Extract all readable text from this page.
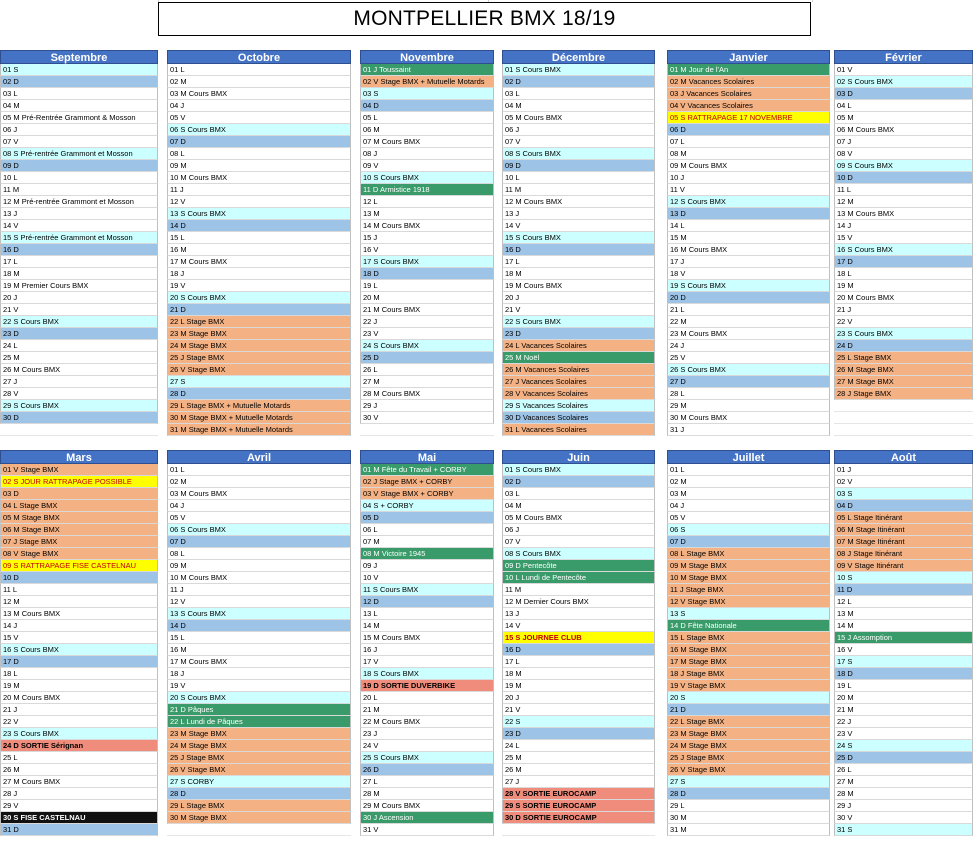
MONTPELLIER BMX 18/19
Septembre
01 S
02 D
03 L
04 M
05 M Pré-Rentrée Grammont & Mosson
06 J
07 V
08 S Pré-rentrée Grammont et Mosson
09 D
10 L
11 M
12 M Pré-rentrée Grammont et Mosson
13 J
14 V
15 S Pré-rentrée Grammont et Mosson
16 D
17 L
18 M
19 M Premier Cours BMX
20 J
21 V
22 S Cours BMX
23 D
24 L
25 M
26 M Cours BMX
27 J
28 V
29 S Cours BMX
30 D
Octobre
01 L
02 M
03 M Cours BMX
04 J
05 V
06 S Cours BMX
07 D
08 L
09 M
10 M Cours BMX
11 J
12 V
13 S Cours BMX
14 D
15 L
16 M
17 M Cours BMX
18 J
19 V
20 S Cours BMX
21 D
22 L Stage BMX
23 M Stage BMX
24 M Stage BMX
25 J Stage BMX
26 V Stage BMX
27 S
28 D
29 L Stage BMX + Mutuelle Motards
30 M Stage BMX + Mutuelle Motards
31 M Stage BMX + Mutuelle Motards
Novembre
01 J Toussaint
02 V Stage BMX + Mutuelle Motards
03 S
04 D
05 L
06 M
07 M Cours BMX
08 J
09 V
10 S Cours BMX
11 D Armistice 1918
12 L
13 M
14 M Cours BMX
15 J
16 V
17 S Cours BMX
18 D
19 L
20 M
21 M Cours BMX
22 J
23 V
24 S Cours BMX
25 D
26 L
27 M
28 M Cours BMX
29 J
30 V
Décembre
01 S Cours BMX
02 D
03 L
04 M
05 M Cours BMX
06 J
07 V
08 S Cours BMX
09 D
10 L
11 M
12 M Cours BMX
13 J
14 V
15 S Cours BMX
16 D
17 L
18 M
19 M Cours BMX
20 J
21 V
22 S Cours BMX
23 D
24 L Vacances Scolaires
25 M Noël
26 M Vacances Scolaires
27 J Vacances Scolaires
28 V Vacances Scolaires
29 S Vacances Scolaires
30 D Vacances Scolaires
31 L Vacances Scolaires
Janvier
01 M Jour de l'An
02 M Vacances Scolaires
03 J Vacances Scolaires
04 V Vacances Scolaires
05 S RATTRAPAGE 17 NOVEMBRE
06 D
07 L
08 M
09 M Cours BMX
10 J
11 V
12 S Cours BMX
13 D
14 L
15 M
16 M Cours BMX
17 J
18 V
19 S Cours BMX
20 D
21 L
22 M
23 M Cours BMX
24 J
25 V
26 S Cours BMX
27 D
28 L
29 M
30 M Cours BMX
31 J
Février
01 V
02 S Cours BMX
03 D
04 L
05 M
06 M Cours BMX
07 J
08 V
09 S Cours BMX
10 D
11 L
12 M
13 M Cours BMX
14 J
15 V
16 S Cours BMX
17 D
18 L
19 M
20 M Cours BMX
21 J
22 V
23 S Cours BMX
24 D
25 L Stage BMX
26 M Stage BMX
27 M Stage BMX
28 J Stage BMX
Mars
01 V Stage BMX
02 S JOUR RATTRAPAGE POSSIBLE
03 D
04 L Stage BMX
05 M Stage BMX
06 M Stage BMX
07 J Stage BMX
08 V Stage BMX
09 S RATTRAPAGE FISE CASTELNAU
10 D
11 L
12 M
13 M Cours BMX
14 J
15 V
16 S Cours BMX
17 D
18 L
19 M
20 M Cours BMX
21 J
22 V
23 S Cours BMX
24 D SORTIE Sérignan
25 L
26 M
27 M Cours BMX
28 J
29 V
30 S FISE CASTELNAU
31 D
Avril
01 L
02 M
03 M Cours BMX
04 J
05 V
06 S Cours BMX
07 D
08 L
09 M
10 M Cours BMX
11 J
12 V
13 S Cours BMX
14 D
15 L
16 M
17 M Cours BMX
18 J
19 V
20 S Cours BMX
21 D Pâques
22 L Lundi de Pâques
23 M Stage BMX
24 M Stage BMX
25 J Stage BMX
26 V Stage BMX
27 S CORBY
28 D
29 L Stage BMX
30 M Stage BMX
Mai
01 M Fête du Travail + CORBY
02 J Stage BMX + CORBY
03 V Stage BMX + CORBY
04 S + CORBY
05 D
06 L
07 M
08 M Victoire 1945
09 J
10 V
11 S Cours BMX
12 D
13 L
14 M
15 M Cours BMX
16 J
17 V
18 S Cours BMX
19 D SORTIE DUVERBIKE
20 L
21 M
22 M Cours BMX
23 J
24 V
25 S Cours BMX
26 D
27 L
28 M
29 M Cours BMX
30 J Ascension
31 V
Juin
01 S Cours BMX
02 D
03 L
04 M
05 M Cours BMX
06 J
07 V
08 S Cours BMX
09 D Pentecôte
10 L Lundi de Pentecôte
11 M
12 M Dernier Cours BMX
13 J
14 V
15 S JOURNEE CLUB
16 D
17 L
18 M
19 M
20 J
21 V
22 S
23 D
24 L
25 M
26 M
27 J
28 V SORTIE EUROCAMP
29 S SORTIE EUROCAMP
30 D SORTIE EUROCAMP
Juillet
01 L
02 M
03 M
04 J
05 V
06 S
07 D
08 L Stage BMX
09 M Stage BMX
10 M Stage BMX
11 J Stage BMX
12 V Stage BMX
13 S
14 D Fête Nationale
15 L Stage BMX
16 M Stage BMX
17 M Stage BMX
18 J Stage BMX
19 V Stage BMX
20 S
21 D
22 L Stage BMX
23 M Stage BMX
24 M Stage BMX
25 J Stage BMX
26 V Stage BMX
27 S
28 D
29 L
30 M
31 M
Août
01 J
02 V
03 S
04 D
05 L Stage Itinérant
06 M Stage Itinérant
07 M Stage Itinérant
08 J Stage Itinérant
09 V Stage Itinérant
10 S
11 D
12 L
13 M
14 M
15 J Assomption
16 V
17 S
18 D
19 L
20 M
21 M
22 J
23 V
24 S
25 D
26 L
27 M
28 M
29 J
30 V
31 S
